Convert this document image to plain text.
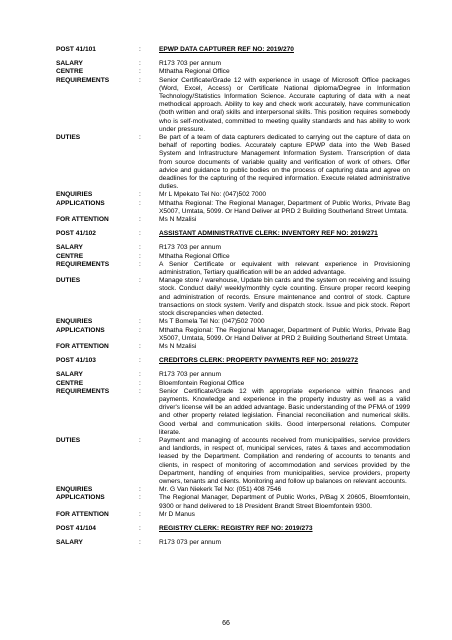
POST 41/101	:	EPWP DATA CAPTURER REF NO: 2019/270
SALARY	:	R173 703 per annum
CENTRE	:	Mthatha Regional Office
REQUIREMENTS	:	Senior Certificate/Grade 12 with experience in usage of Microsoft Office packages (Word, Excel, Access) or Certificate National diploma/Degree in Information Technology/Statistics Information Science. Accurate capturing of data with a neat methodical approach. Ability to key and check work accurately, have communication (both written and oral) skills and interpersonal skills. This position requires somebody who is self-motivated, committed to meeting quality standards and has ability to work under pressure.
DUTIES	:	Be part of a team of data capturers dedicated to carrying out the capture of data on behalf of reporting bodies. Accurately capture EPWP data into the Web Based System and Infrastructure Management Information System. Transcription of data from source documents of variable quality and verification of work of others. Offer advice and guidance to public bodies on the process of capturing data and agree on deadlines for the capturing of the required information. Execute related administrative duties.
ENQUIRIES	:	Mr L Mpekato Tel No: (047)502 7000
APPLICATIONS	:	Mthatha Regional: The Regional Manager, Department of Public Works, Private Bag X5007, Umtata, 5099. Or Hand Deliver at PRD 2 Building Southerland Street Umtata.
FOR ATTENTION	:	Ms N Mzalisi
POST 41/102	:	ASSISTANT ADMINISTRATIVE CLERK: INVENTORY REF NO: 2019/271
SALARY	:	R173 703 per annum
CENTRE	:	Mthatha Regional Office
REQUIREMENTS	:	A Senior Certificate or equivalent with relevant experience in Provisioning administration, Tertiary qualification will be an added advantage.
DUTIES	:	Manage store / warehouse, Update bin cards and the system on receiving and issuing stock. Conduct daily/ weekly/monthly cycle counting. Ensure proper record keeping and administration of records. Ensure maintenance and control of stock. Capture transactions on stock system. Verify and dispatch stock. Issue and pick stock. Report stock discrepancies when detected.
ENQUIRIES	:	Ms T Bomela Tel No: (047)502 7000
APPLICATIONS	:	Mthatha Regional: The Regional Manager, Department of Public Works, Private Bag X5007, Umtata, 5099. Or Hand Deliver at PRD 2 Building Southerland Street Umtata.
FOR ATTENTION	:	Ms N Mzalisi
POST 41/103	:	CREDITORS CLERK: PROPERTY PAYMENTS REF NO: 2019/272
SALARY	:	R173 703 per annum
CENTRE	:	Bloemfontein Regional Office
REQUIREMENTS	:	Senior Certificate/Grade 12 with appropriate experience within finances and payments. Knowledge and experience in the property industry as well as a valid driver's license will be an added advantage. Basic understanding of the PFMA of 1999 and other property related legislation. Financial reconciliation and numerical skills. Good verbal and communication skills. Good interpersonal relations. Computer literate.
DUTIES	:	Payment and managing of accounts received from municipalities, service providers and landlords, in respect of, municipal services, rates & taxes and accommodation leased by the Department. Compilation and rendering of accounts to tenants and clients, in respect of monitoring of accommodation and services provided by the Department, handling of enquiries from municipalities, service providers, property owners, tenants and clients. Monitoring and follow up balances on relevant accounts.
ENQUIRIES	:	Mr. G Van Niekerk Tel No: (051) 408 7546
APPLICATIONS	:	The Regional Manager, Department of Public Works, P/Bag X 20605, Bloemfontein, 9300 or hand delivered to 18 President Brandt Street Bloemfontein 9300.
FOR ATTENTION	:	Mr D Manus
POST 41/104	:	REGISTRY CLERK: REGISTRY REF NO: 2019/273
SALARY	:	R173 073 per annum
66
